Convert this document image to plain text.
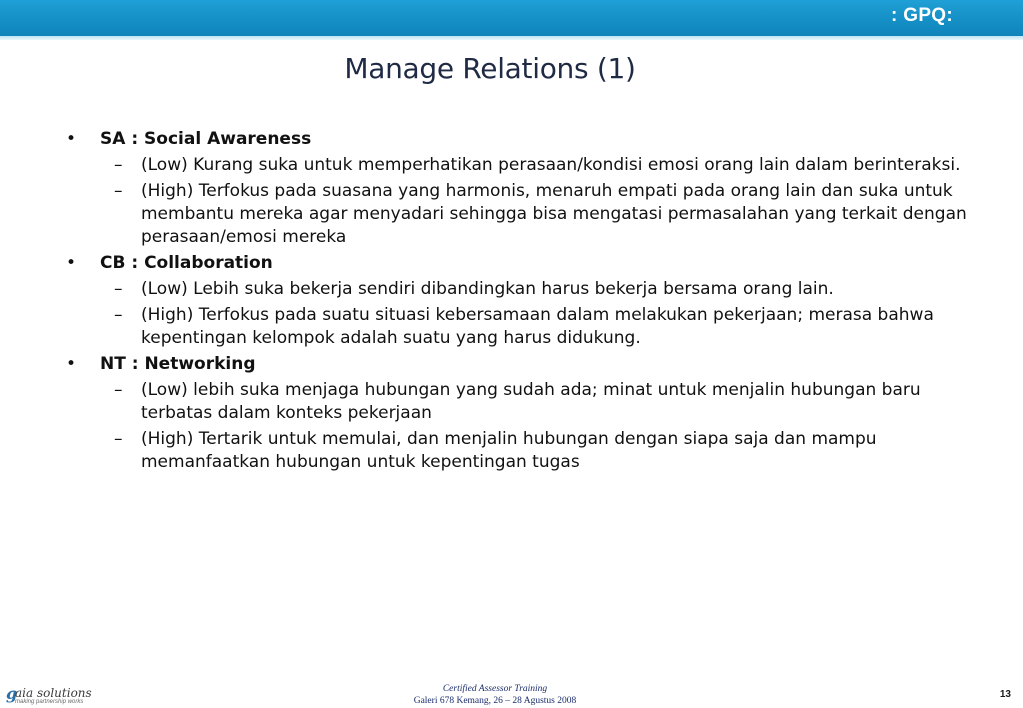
: GPQ:
Manage Relations (1)
• SA : Social Awareness
– (Low) Kurang suka untuk memperhatikan perasaan/kondisi emosi orang lain dalam berinteraksi.
– (High) Terfokus pada suasana yang harmonis, menaruh empati pada orang lain dan suka untuk membantu mereka agar menyadari sehingga bisa mengatasi permasalahan yang terkait dengan perasaan/emosi mereka
• CB : Collaboration
– (Low) Lebih suka bekerja sendiri dibandingkan harus bekerja bersama orang lain.
– (High) Terfokus pada suatu situasi kebersamaan dalam melakukan pekerjaan; merasa bahwa kepentingan kelompok adalah suatu yang harus didukung.
• NT : Networking
– (Low) lebih suka menjaga hubungan yang sudah ada; minat untuk menjalin hubungan baru terbatas dalam konteks pekerjaan
– (High) Tertarik untuk memulai, dan menjalin hubungan dengan siapa saja dan mampu memanfaatkan hubungan untuk kepentingan tugas
g
aia solutions
making partnership works
Certified Assessor Training
Galeri 678 Kemang, 26 – 28 Agustus 2008
13
